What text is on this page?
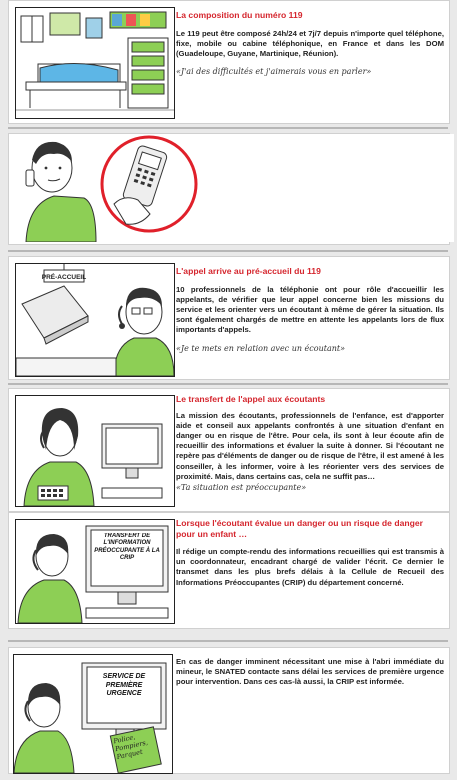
La composition du numéro 119
Le 119 peut être composé 24h/24 et 7j/7 depuis n'importe quel téléphone, fixe, mobile ou cabine téléphonique, en France et dans les DOM (Guadeloupe, Guyane, Martinique, Réunion).
«J'ai des difficultés et j'aimerais vous en parler»
PRÉ-ACCUEIL
L'appel arrive au pré-accueil du 119
10 professionnels de la téléphonie ont pour rôle d'accueillir les appelants, de vérifier que leur appel concerne bien les missions du service et les orienter vers un écoutant à même de gérer la situation. Ils sont également chargés de mettre en attente les appelants lors de flux importants d'appels.
«Je te mets en relation avec un écoutant»
Le transfert de l'appel aux écoutants
La mission des écoutants, professionnels de l'enfance, est d'apporter aide et conseil aux appelants confrontés à une situation d'enfant en danger ou en risque de l'être. Pour cela, ils sont à leur écoute afin de recueillir des informations et évaluer la suite à donner. Si l'écoutant ne repère pas d'éléments de danger ou de risque de l'être, il est amené à les conseiller, à les informer, voire à les réorienter vers des services de proximité. Mais, dans certains cas, cela ne suffit pas…
«Ta situation est préoccupante»
TRANSFERT DE L'INFORMATION PRÉOCCUPANTE À LA CRIP
Lorsque l'écoutant évalue un danger ou un risque de danger pour un enfant …
Il rédige un compte-rendu des informations recueillies qui est transmis à un coordonnateur, encadrant chargé de valider l'écrit. Ce dernier le transmet dans les plus brefs délais à la Cellule de Recueil des Informations Préoccupantes (CRIP) du département concerné.
SERVICE DE PREMIÈRE URGENCE
Police, Pompiers, Parquet
En cas de danger imminent nécessitant une mise à l'abri immédiate du mineur, le SNATED contacte sans délai les services de première urgence pour intervention. Dans ces cas-là aussi, la CRIP est informée.
